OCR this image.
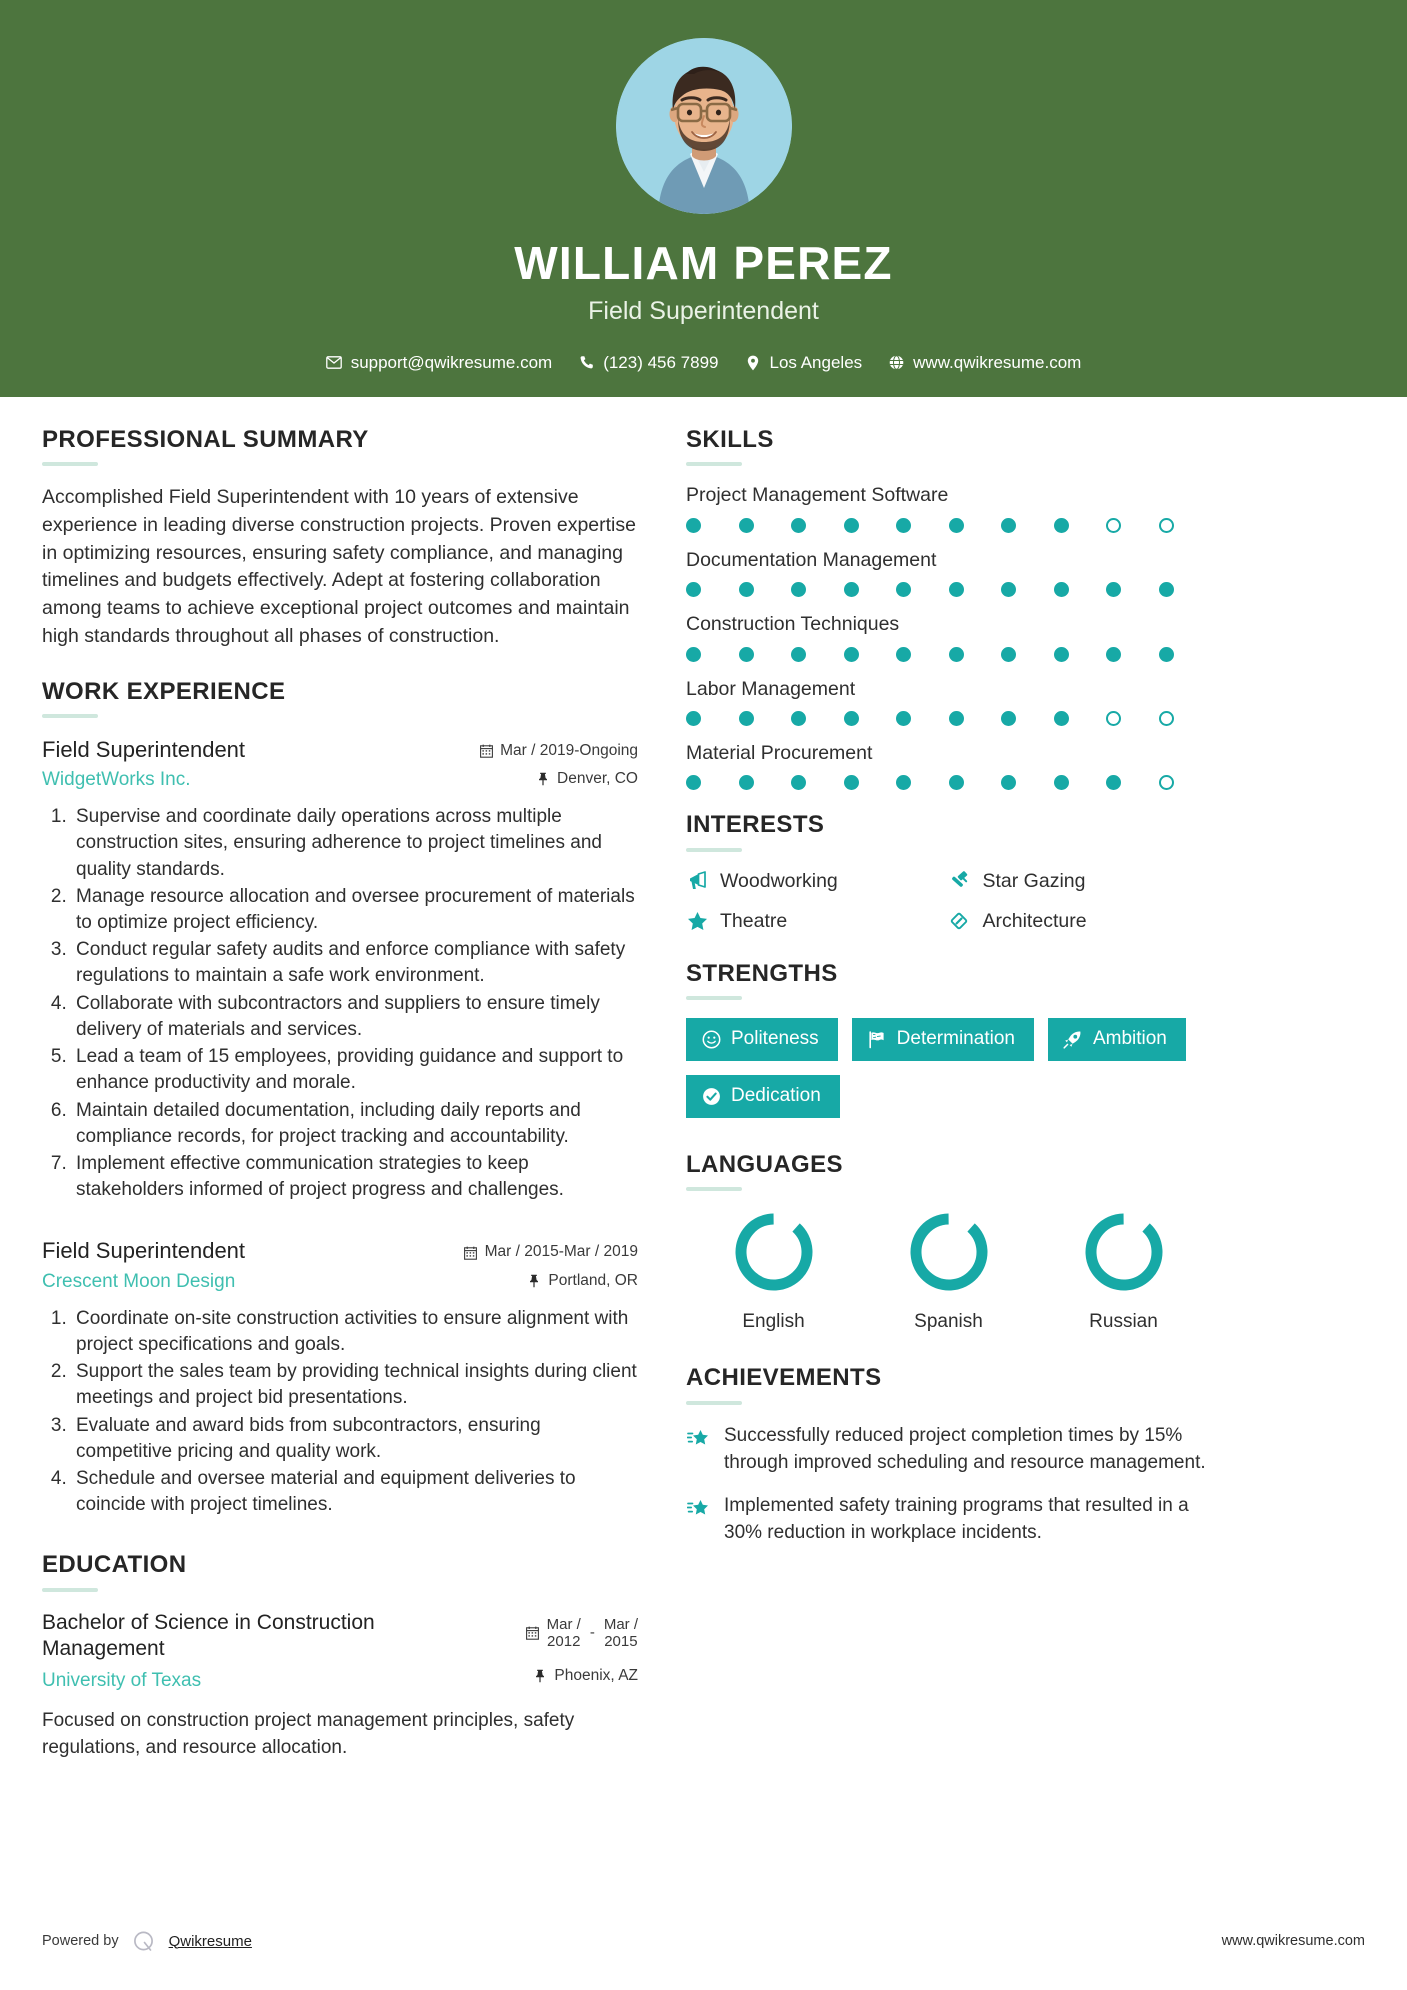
WILLIAM PEREZ
Field Superintendent
support@qwikresume.com	(123) 456 7899	Los Angeles	www.qwikresume.com
PROFESSIONAL SUMMARY
Accomplished Field Superintendent with 10 years of extensive experience in leading diverse construction projects. Proven expertise in optimizing resources, ensuring safety compliance, and managing timelines and budgets effectively. Adept at fostering collaboration among teams to achieve exceptional project outcomes and maintain high standards throughout all phases of construction.
WORK EXPERIENCE
Field Superintendent
WidgetWorks Inc.
Mar / 2019-Ongoing
Denver, CO
1. Supervise and coordinate daily operations across multiple construction sites, ensuring adherence to project timelines and quality standards.
2. Manage resource allocation and oversee procurement of materials to optimize project efficiency.
3. Conduct regular safety audits and enforce compliance with safety regulations to maintain a safe work environment.
4. Collaborate with subcontractors and suppliers to ensure timely delivery of materials and services.
5. Lead a team of 15 employees, providing guidance and support to enhance productivity and morale.
6. Maintain detailed documentation, including daily reports and compliance records, for project tracking and accountability.
7. Implement effective communication strategies to keep stakeholders informed of project progress and challenges.
Field Superintendent
Crescent Moon Design
Mar / 2015-Mar / 2019
Portland, OR
1. Coordinate on-site construction activities to ensure alignment with project specifications and goals.
2. Support the sales team by providing technical insights during client meetings and project bid presentations.
3. Evaluate and award bids from subcontractors, ensuring competitive pricing and quality work.
4. Schedule and oversee material and equipment deliveries to coincide with project timelines.
EDUCATION
Bachelor of Science in Construction Management
University of Texas
Mar /
2012
-
Mar /
2015
Phoenix, AZ
Focused on construction project management principles, safety regulations, and resource allocation.
SKILLS
Project Management Software
Documentation Management
Construction Techniques
Labor Management
Material Procurement
INTERESTS
Woodworking	Star Gazing
Theatre	Architecture
STRENGTHS
Politeness	Determination	Ambition
Dedication
LANGUAGES
English	Spanish	Russian
ACHIEVEMENTS
Successfully reduced project completion times by 15% through improved scheduling and resource management.
Implemented safety training programs that resulted in a 30% reduction in workplace incidents.
Powered by	Qwikresume	www.qwikresume.com
